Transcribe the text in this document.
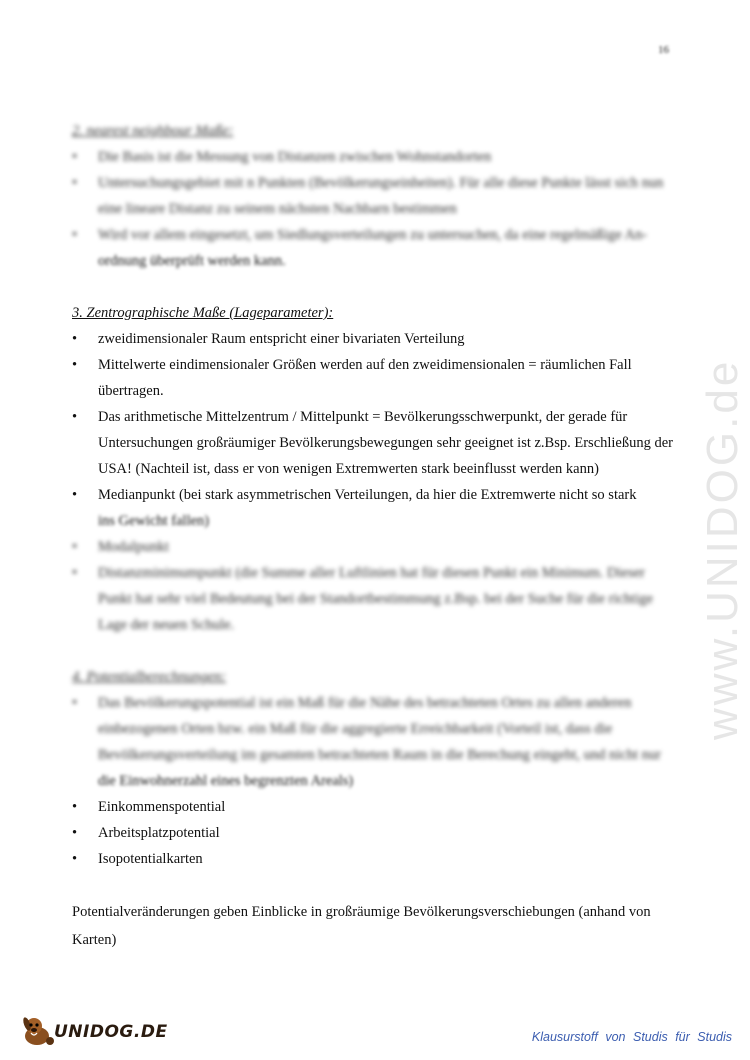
16
www.UNIDOG.de
2. nearest neighbour Maße:
• Die Basis ist die Messung von Distanzen zwischen Wohnstandorten
• Untersuchungsgebiet mit n Punkten (Bevölkerungseinheiten). Für alle diese Punkte lässt sich nun eine lineare Distanz zu seinem nächsten Nachbarn bestimmen
• Wird vor allem eingesetzt, um Siedlungsverteilungen zu untersuchen, da eine regelmäßige An-
ordnung überprüft werden kann.
3. Zentrographische Maße (Lageparameter):
• zweidimensionaler Raum entspricht einer bivariaten Verteilung
• Mittelwerte eindimensionaler Größen werden auf den zweidimensionalen = räumlichen Fall übertragen.
• Das arithmetische Mittelzentrum / Mittelpunkt = Bevölkerungsschwerpunkt, der gerade für Untersuchungen großräumiger Bevölkerungsbewegungen sehr geeignet ist z.Bsp. Erschließung der USA! (Nachteil ist, dass er von wenigen Extremwerten stark beeinflusst werden kann)
• Medianpunkt (bei stark asymmetrischen Verteilungen, da hier die Extremwerte nicht so stark
ins Gewicht fallen)
• Modalpunkt
• Distanzminimumpunkt (die Summe aller Luftlinien hat für diesen Punkt ein Minimum. Dieser Punkt hat sehr viel Bedeutung bei der Standortbestimmung z.Bsp. bei der Suche für die richtige Lage der neuen Schule.
4. Potentialberechnungen:
• Das Bevölkerungspotential ist ein Maß für die Nähe des betrachteten Ortes zu allen anderen einbezogenen Orten bzw. ein Maß für die aggregierte Erreichbarkeit (Vorteil ist, dass die Bevölkerungsverteilung im gesamten betrachteten Raum in die Berechung eingeht, und nicht nur
die Einwohnerzahl eines begrenzten Areals)
• Einkommenspotential
• Arbeitsplatzpotential
• Isopotentialkarten
Potentialveränderungen geben Einblicke in großräumige Bevölkerungsverschiebungen (anhand von Karten)
UNIDOG.DE	Klausurstoff von Studis für Studis
